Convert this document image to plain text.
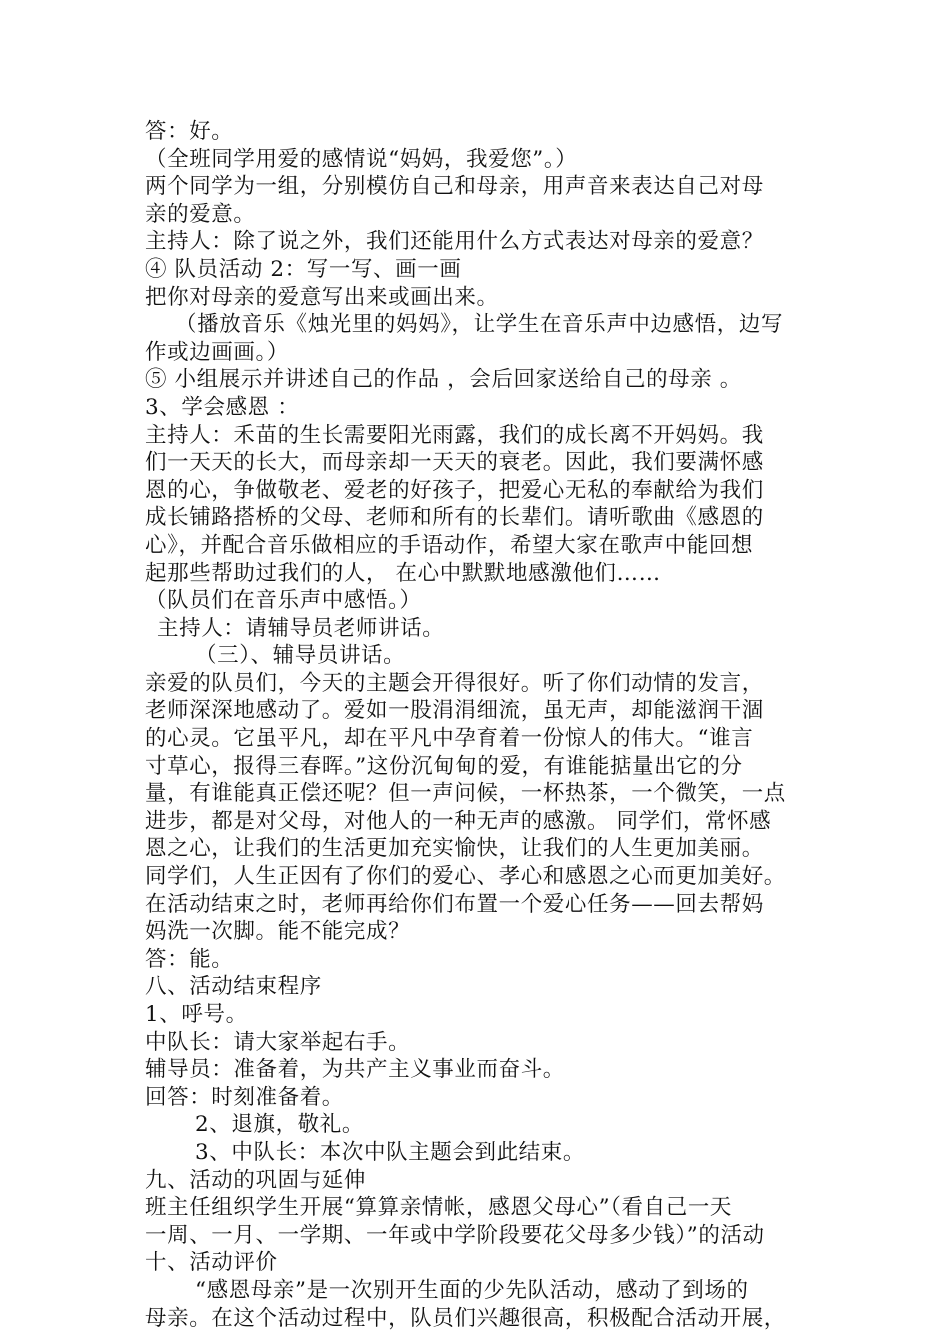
答：好。
（全班同学用爱的感情说“妈妈，我爱您”。）
两个同学为一组，分别模仿自己和母亲，用声音来表达自己对母
亲的爱意。
主持人：除了说之外，我们还能用什么方式表达对母亲的爱意？
④ 队员活动 2：写一写、画一画
把你对母亲的爱意写出来或画出来。
（播放音乐《烛光里的妈妈》，让学生在音乐声中边感悟，边写
作或边画画。）
⑤ 小组展示并讲述自己的作品 ，会后回家送给自己的母亲 。
3、学会感恩 ：
主持人：禾苗的生长需要阳光雨露，我们的成长离不开妈妈。我
们一天天的长大，而母亲却一天天的衰老。因此，我们要满怀感
恩的心，争做敬老、爱老的好孩子，把爱心无私的奉献给为我们
成长铺路搭桥的父母、老师和所有的长辈们。请听歌曲《感恩的
心》，并配合音乐做相应的手语动作，希望大家在歌声中能回想
起那些帮助过我们的人， 在心中默默地感激他们……
（队员们在音乐声中感悟。）
主持人：请辅导员老师讲话。
（三）、辅导员讲话。
亲爱的队员们，今天的主题会开得很好。听了你们动情的发言，
老师深深地感动了。爱如一股涓涓细流，虽无声，却能滋润干涸
的心灵。它虽平凡，却在平凡中孕育着一份惊人的伟大。“谁言
寸草心，报得三春晖。”这份沉甸甸的爱，有谁能掂量出它的分
量，有谁能真正偿还呢？但一声问候，一杯热茶，一个微笑，一点
进步，都是对父母，对他人的一种无声的感激。 同学们，常怀感
恩之心，让我们的生活更加充实愉快，让我们的人生更加美丽。
同学们，人生正因有了你们的爱心、孝心和感恩之心而更加美好。
在活动结束之时，老师再给你们布置一个爱心任务——回去帮妈
妈洗一次脚。能不能完成？
答：能。
八、活动结束程序
1、呼号。
中队长：请大家举起右手。
辅导员：准备着，为共产主义事业而奋斗。
回答：时刻准备着。
2、退旗，敬礼。
3、中队长：本次中队主题会到此结束。
九、活动的巩固与延伸
班主任组织学生开展“算算亲情帐，感恩父母心”（看自己一天
一周、一月、一学期、一年或中学阶段要花父母多少钱）”的活动
十、活动评价
“感恩母亲”是一次别开生面的少先队活动，感动了到场的
母亲。在这个活动过程中，队员们兴趣很高，积极配合活动开展，
